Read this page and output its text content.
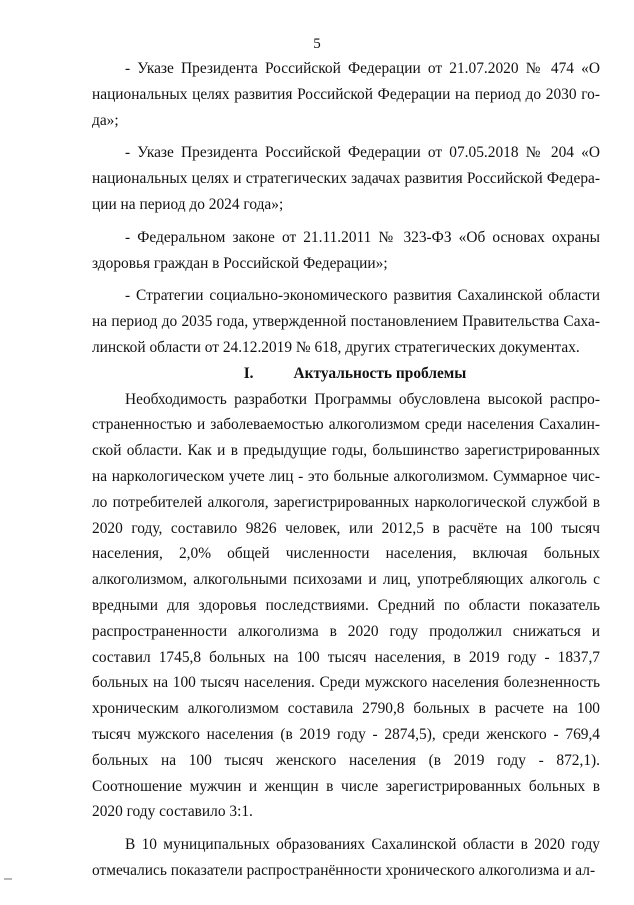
5

- Указе Президента Российской Федерации от 21.07.2020 № 474 «О национальных целях развития Российской Федерации на период до 2030 года»;

- Указе Президента Российской Федерации от 07.05.2018 № 204 «О национальных целях и стратегических задачах развития Российской Федерации на период до 2024 года»;

- Федеральном законе от 21.11.2011 № 323-ФЗ «Об основах охраны здоровья граждан в Российской Федерации»;

- Стратегии социально-экономического развития Сахалинской области на период до 2035 года, утвержденной постановлением Правительства Сахалинской области от 24.12.2019 № 618, других стратегических документах.

I.	Актуальность проблемы

Необходимость разработки Программы обусловлена высокой распространенностью и заболеваемостью алкоголизмом среди населения Сахалинской области. Как и в предыдущие годы, большинство зарегистрированных на наркологическом учете лиц - это больные алкоголизмом. Суммарное число потребителей алкоголя, зарегистрированных наркологической службой в 2020 году, составило 9826 человек, или 2012,5 в расчёте на 100 тысяч населения, 2,0% общей численности населения, включая больных алкоголизмом, алкогольными психозами и лиц, употребляющих алкоголь с вредными для здоровья последствиями. Средний по области показатель распространенности алкоголизма в 2020 году продолжил снижаться и составил 1745,8 больных на 100 тысяч населения, в 2019 году - 1837,7 больных на 100 тысяч населения. Среди мужского населения болезненность хроническим алкоголизмом составила 2790,8 больных в расчете на 100 тысяч мужского населения (в 2019 году - 2874,5), среди женского - 769,4 больных на 100 тысяч женского населения (в 2019 году - 872,1). Соотношение мужчин и женщин в числе зарегистрированных больных в 2020 году составило 3:1.

В 10 муниципальных образованиях Сахалинской области в 2020 году отмечались показатели распространённости хронического алкоголизма и ал-
